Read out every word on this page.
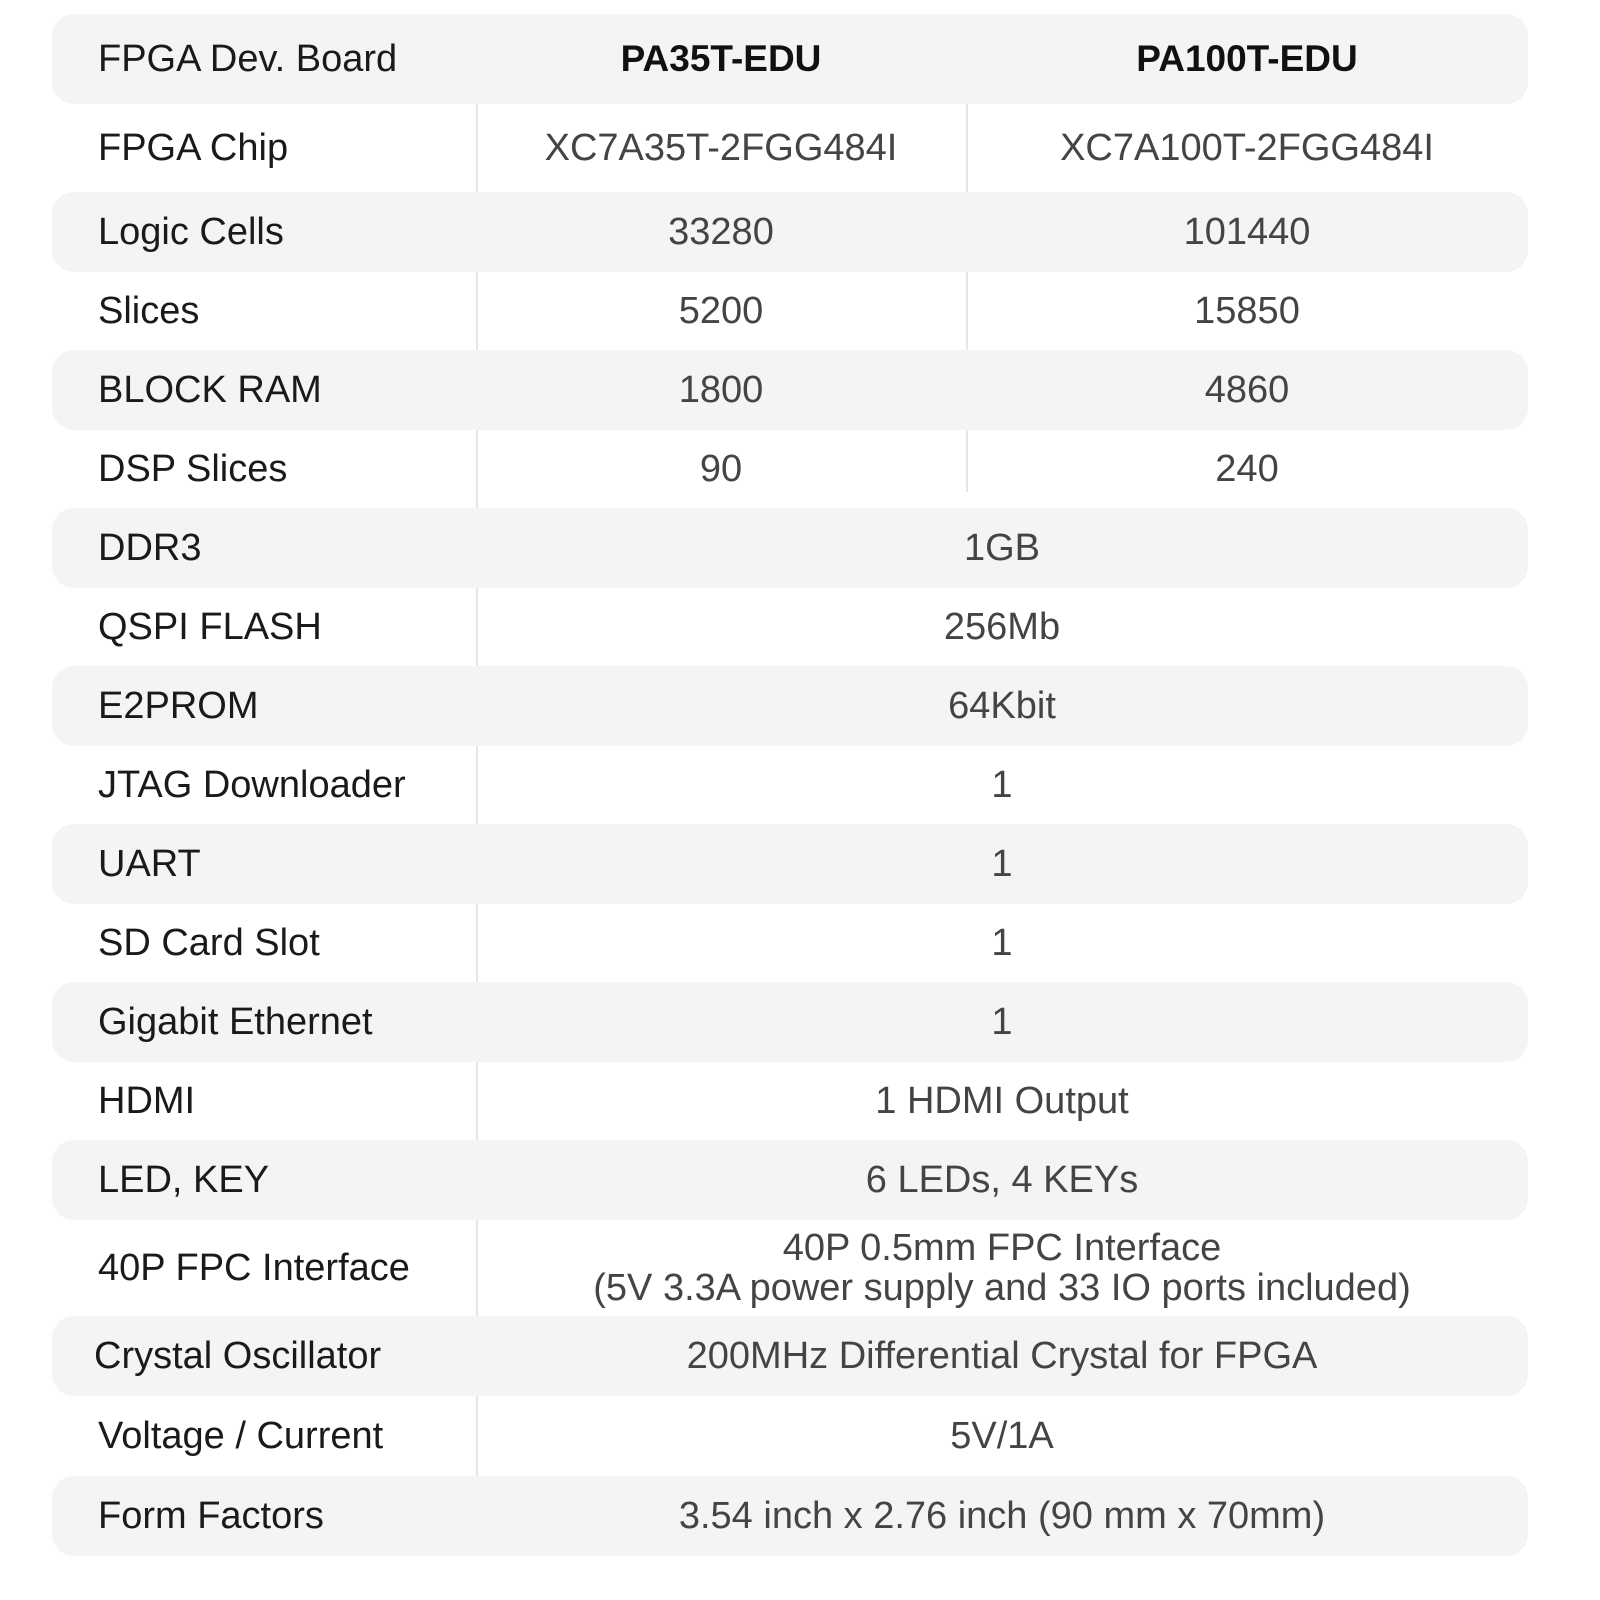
FPGA Dev. Board	PA35T-EDU	PA100T-EDU
FPGA Chip	XC7A35T-2FGG484I	XC7A100T-2FGG484I
Logic Cells	33280	101440
Slices	5200	15850
BLOCK RAM	1800	4860
DSP Slices	90	240
DDR3	1GB
QSPI FLASH	256Mb
E2PROM	64Kbit
JTAG Downloader	1
UART	1
SD Card Slot	1
Gigabit Ethernet	1
HDMI	1 HDMI Output
LED, KEY	6 LEDs, 4 KEYs
40P FPC Interface	40P 0.5mm FPC Interface
(5V 3.3A power supply and 33 IO ports included)
Crystal Oscillator	200MHz Differential Crystal for FPGA
Voltage / Current	5V/1A
Form Factors	3.54 inch x 2.76 inch (90 mm x 70mm)
